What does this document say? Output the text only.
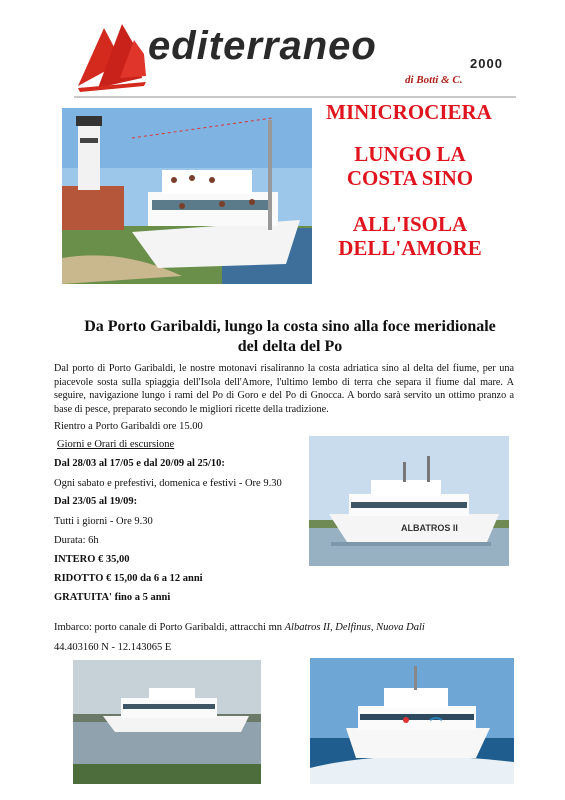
editerraneo	2000
di Botti & C.
MINICROCIERA
LUNGO LA
COSTA SINO
ALL'ISOLA
DELL'AMORE
Da Porto Garibaldi, lungo la costa sino alla foce meridionale
del delta del Po
Dal porto di Porto Garibaldi, le nostre motonavi risaliranno la costa adriatica sino al delta del fiume, per una piacevole sosta sulla spiaggia dell'Isola dell'Amore, l'ultimo lembo di terra che separa il fiume dal mare. A seguire, navigazione lungo i rami del Po di Goro e del Po di Gnocca. A bordo sarà servito un ottimo pranzo a base di pesce, preparato secondo le migliori ricette della tradizione.
Rientro a Porto Garibaldi ore 15.00
Giorni e Orari di escursione
Dal 28/03 al 17/05 e dal 20/09 al 25/10:
Ogni sabato e prefestivi, domenica e festivi - Ore 9.30
Dal 23/05 al 19/09:
Tutti i giorni - Ore 9.30
Durata: 6h
INTERO € 35,00
RIDOTTO € 15,00 da 6 a 12 anni
GRATUITA' fino a 5 anni
Imbarco: porto canale di Porto Garibaldi, attracchi mn Albatros II, Delfinus, Nuova Dali
44.403160 N - 12.143065 E
ALBATROS II
